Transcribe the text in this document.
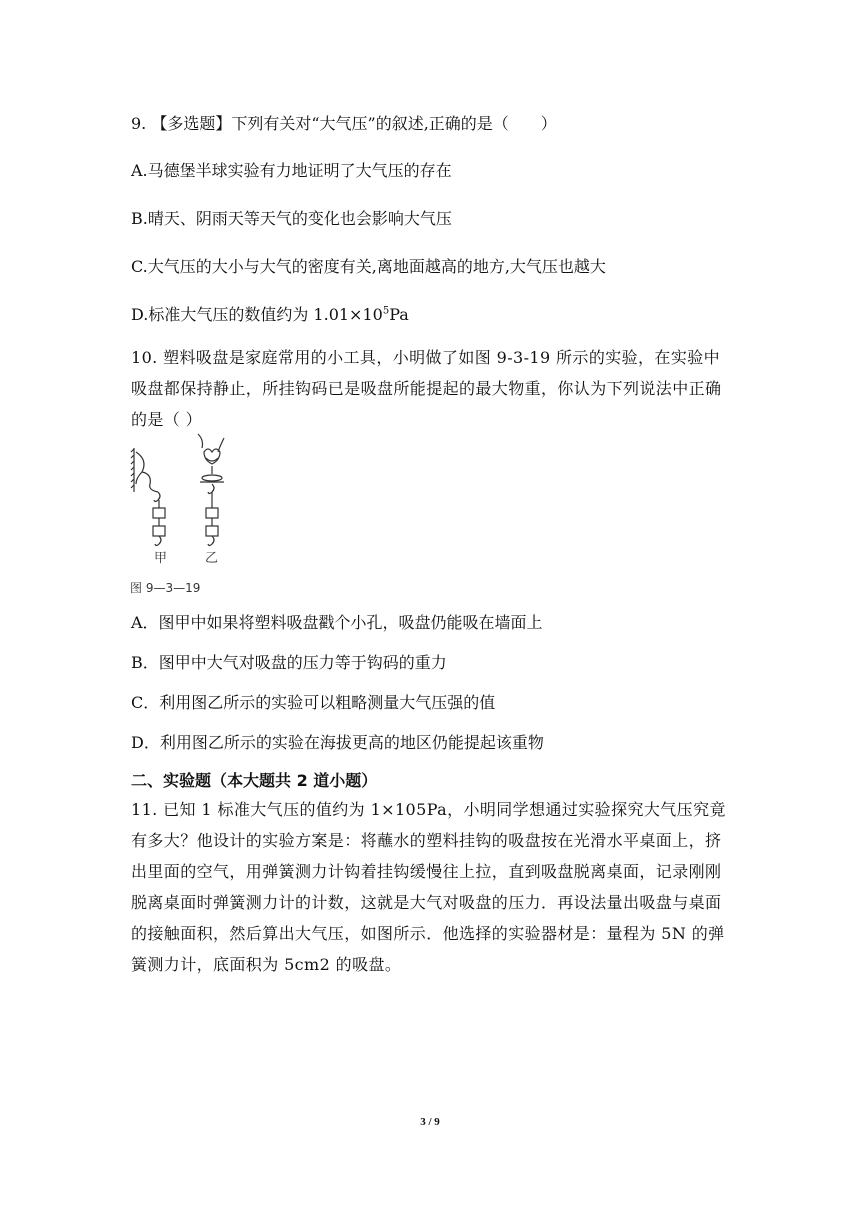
9. 【多选题】下列有关对“大气压”的叙述,正确的是（　　）
A.马德堡半球实验有力地证明了大气压的存在
B.晴天、阴雨天等天气的变化也会影响大气压
C.大气压的大小与大气的密度有关,离地面越高的地方,大气压也越大
D.标准大气压的数值约为 $1.01\times 10^5Pa$
10. 塑料吸盘是家庭常用的小工具，小明做了如图 9-3-19 所示的实验，在实验中吸盘都保持静止，所挂钩码已是吸盘所能提起的最大物重，你认为下列说法中正确的是（ ）
甲	乙
图 9—3—19
A．图甲中如果将塑料吸盘戳个小孔，吸盘仍能吸在墙面上
B．图甲中大气对吸盘的压力等于钩码的重力
C．利用图乙所示的实验可以粗略测量大气压强的值
D．利用图乙所示的实验在海拔更高的地区仍能提起该重物
二、实验题（本大题共 2 道小题）
11. 已知 1 标准大气压的值约为 1×105Pa，小明同学想通过实验探究大气压究竟有多大？他设计的实验方案是：将蘸水的塑料挂钩的吸盘按在光滑水平桌面上，挤出里面的空气，用弹簧测力计钩着挂钩缓慢往上拉，直到吸盘脱离桌面，记录刚刚脱离桌面时弹簧测力计的计数，这就是大气对吸盘的压力．再设法量出吸盘与桌面的接触面积，然后算出大气压，如图所示．他选择的实验器材是：量程为 5N 的弹簧测力计，底面积为 5cm2 的吸盘。
3 / 9
